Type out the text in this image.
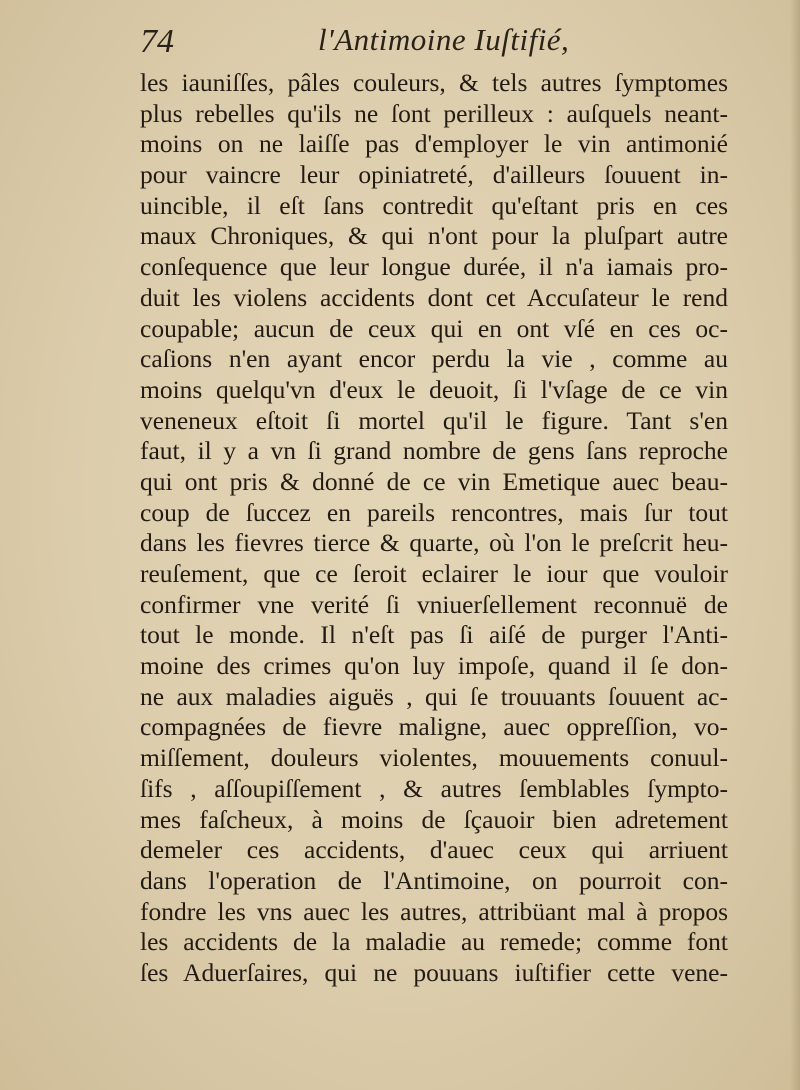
74	l'Antimoine Iuſtifié,
les iauniſſes, pâles couleurs, & tels autres ſymptomes
plus rebelles qu'ils ne ſont perilleux : auſquels neant-
moins on ne laiſſe pas d'employer le vin antimonié
pour vaincre leur opiniatreté, d'ailleurs ſouuent in-
uincible, il eſt ſans contredit qu'eſtant pris en ces
maux Chroniques, & qui n'ont pour la pluſpart autre
conſequence que leur longue durée, il n'a iamais pro-
duit les violens accidents dont cet Accuſateur le rend
coupable; aucun de ceux qui en ont vſé en ces oc-
caſions n'en ayant encor perdu la vie , comme au
moins quelqu'vn d'eux le deuoit, ſi l'vſage de ce vin
veneneux eſtoit ſi mortel qu'il le figure. Tant s'en
faut, il y a vn ſi grand nombre de gens ſans reproche
qui ont pris & donné de ce vin Emetique auec beau-
coup de ſuccez en pareils rencontres, mais ſur tout
dans les fievres tierce & quarte, où l'on le preſcrit heu-
reuſement, que ce ſeroit eclairer le iour que vouloir
confirmer vne verité ſi vniuerſellement reconnuë de
tout le monde. Il n'eſt pas ſi aiſé de purger l'Anti-
moine des crimes qu'on luy impoſe, quand il ſe don-
ne aux maladies aiguës , qui ſe trouuants ſouuent ac-
compagnées de fievre maligne, auec oppreſſion, vo-
miſſement, douleurs violentes, mouuements conuul-
ſifs , aſſoupiſſement , & autres ſemblables ſympto-
mes faſcheux, à moins de ſçauoir bien adretement
demeler ces accidents, d'auec ceux qui arriuent
dans l'operation de l'Antimoine, on pourroit con-
fondre les vns auec les autres, attribüant mal à propos
les accidents de la maladie au remede; comme font
ſes Aduerſaires, qui ne pouuans iuſtifier cette vene-
